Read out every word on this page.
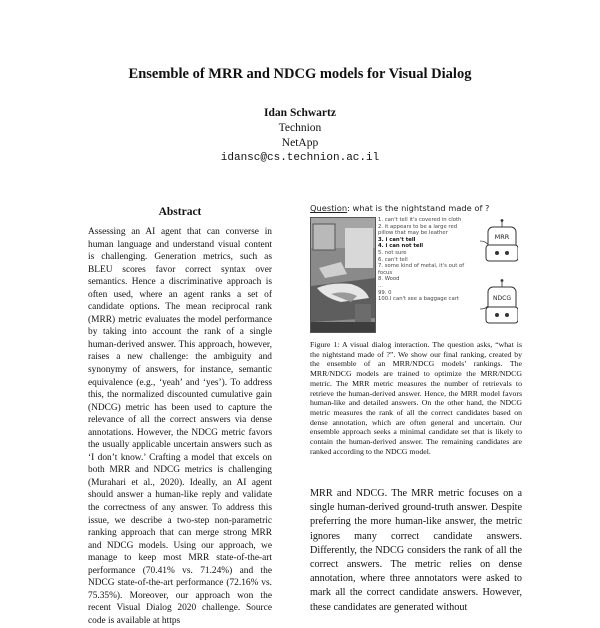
Ensemble of MRR and NDCG models for Visual Dialog
Idan Schwartz
Technion
NetApp
idansc@cs.technion.ac.il
Abstract
Assessing an AI agent that can converse in human language and understand visual content is challenging. Generation metrics, such as BLEU scores favor correct syntax over semantics. Hence a discriminative approach is often used, where an agent ranks a set of candidate options. The mean reciprocal rank (MRR) metric evaluates the model performance by taking into account the rank of a single human-derived answer. This approach, however, raises a new challenge: the ambiguity and synonymy of answers, for instance, semantic equivalence (e.g., ‘yeah’ and ‘yes’). To address this, the normalized discounted cumulative gain (NDCG) metric has been used to capture the relevance of all the correct answers via dense annotations. However, the NDCG metric favors the usually applicable uncertain answers such as ‘I don’t know.’ Crafting a model that excels on both MRR and NDCG metrics is challenging (Murahari et al., 2020). Ideally, an AI agent should answer a human-like reply and validate the correctness of any answer. To address this issue, we describe a two-step non-parametric ranking approach that can merge strong MRR and NDCG models. Using our approach, we manage to keep most MRR state-of-the-art performance (70.41% vs. 71.24%) and the NDCG state-of-the-art performance (72.16% vs. 75.35%). Moreover, our approach won the recent Visual Dialog 2020 challenge. Source code is available at https
Question: what is the nightstand made of ?
1. can't tell it's covered in cloth
2. it appears to be a large red pillow that may be leather
3. i can't tell
4. i can not tell
5. not sure
6. can't tell
7. some kind of metal, it's out of focus
8. Wood
...
99. 0
100.I can't see a baggage cart
MRR
NDCG
Figure 1: A visual dialog interaction. The question asks, “what is the nightstand made of ?”. We show our final ranking, created by the ensemble of an MRR/NDCG models’ rankings. The MRR/NDCG models are trained to optimize the MRR/NDCG metric. The MRR metric measures the number of retrievals to retrieve the human-derived answer. Hence, the MRR model favors human-like and detailed answers. On the other hand, the NDCG metric measures the rank of all the correct candidates based on dense annotation, which are often general and uncertain. Our ensemble approach seeks a minimal candidate set that is likely to contain the human-derived answer. The remaining candidates are ranked according to the NDCG model.
MRR and NDCG. The MRR metric focuses on a single human-derived ground-truth answer. Despite preferring the more human-like answer, the metric ignores many correct candidate answers. Differently, the NDCG considers the rank of all the correct answers. The metric relies on dense annotation, where three annotators were asked to mark all the correct candidate answers. However, these candidates are generated without
